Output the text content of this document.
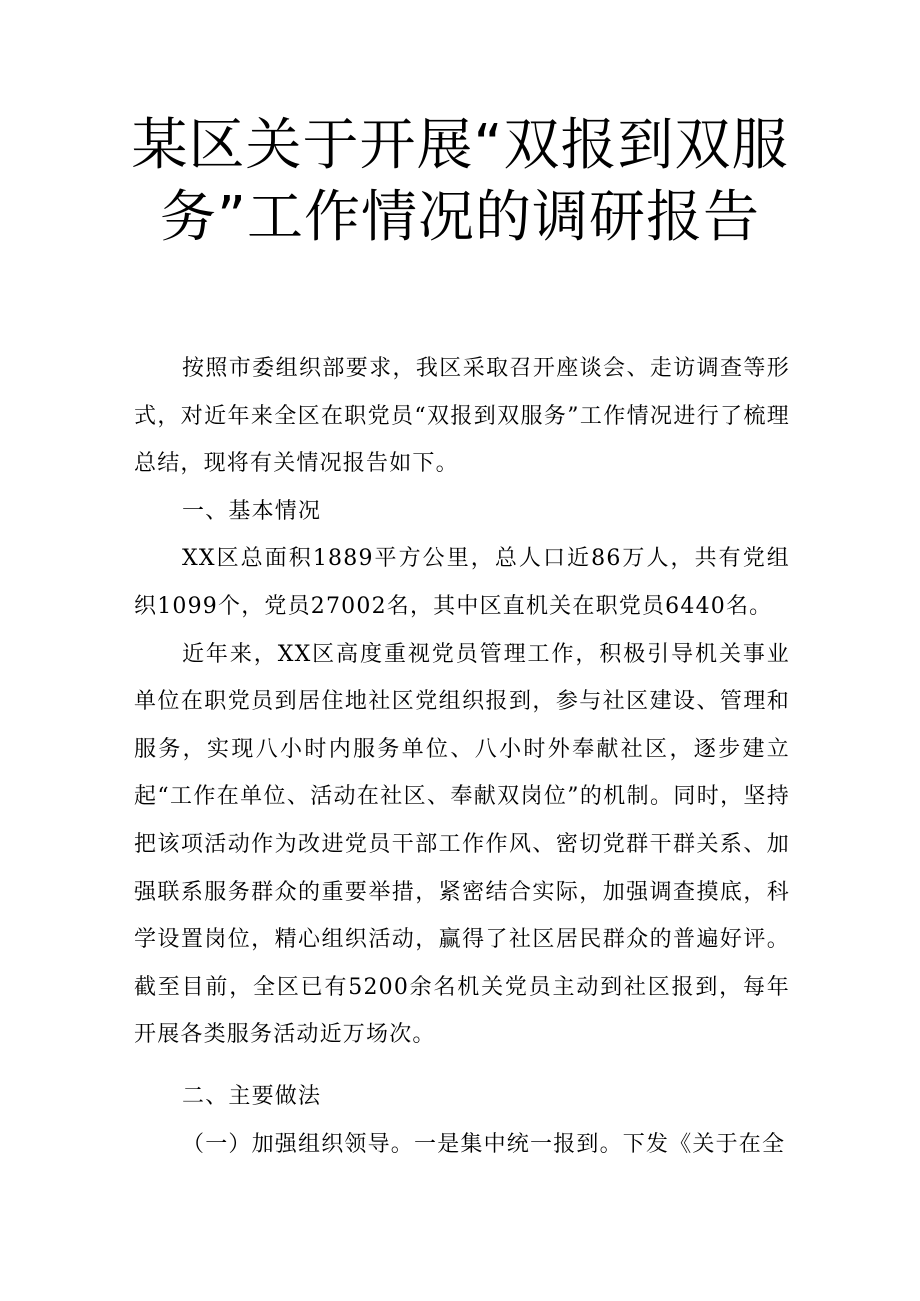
某区关于开展“双报到双服务”工作情况的调研报告

按照市委组织部要求，我区采取召开座谈会、走访调查等形式，对近年来全区在职党员“双报到双服务”工作情况进行了梳理总结，现将有关情况报告如下。

一、基本情况

XX区总面积1889平方公里，总人口近86万人，共有党组织1099个，党员27002名，其中区直机关在职党员6440名。

近年来，XX区高度重视党员管理工作，积极引导机关事业单位在职党员到居住地社区党组织报到，参与社区建设、管理和服务，实现八小时内服务单位、八小时外奉献社区，逐步建立起“工作在单位、活动在社区、奉献双岗位”的机制。同时，坚持把该项活动作为改进党员干部工作作风、密切党群干群关系、加强联系服务群众的重要举措，紧密结合实际，加强调查摸底，科学设置岗位，精心组织活动，赢得了社区居民群众的普遍好评。截至目前，全区已有5200余名机关党员主动到社区报到，每年开展各类服务活动近万场次。

二、主要做法

（一）加强组织领导。一是集中统一报到。下发《关于在全
